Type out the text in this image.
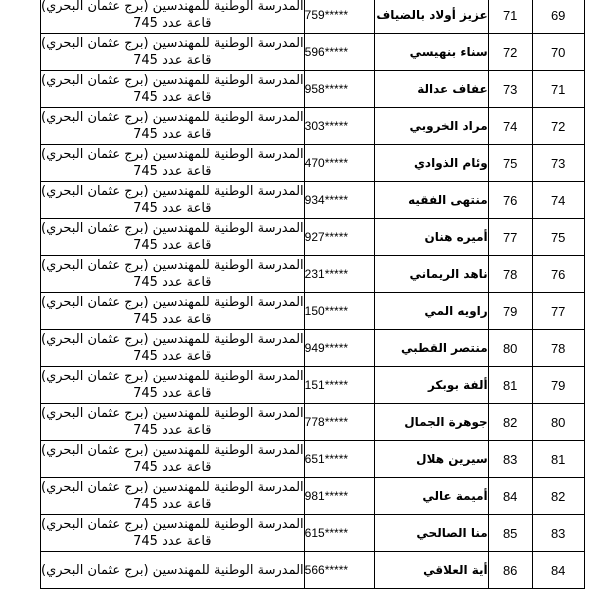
69	71	عزيز أولاد بالضياف	759*****	المدرسة الوطنية للمهندسين (برج عثمان البحري)
قاعة عدد 745

70	72	سناء بنهيسي	596*****	المدرسة الوطنية للمهندسين (برج عثمان البحري)
قاعة عدد 745

71	73	عفاف عدالة	958*****	المدرسة الوطنية للمهندسين (برج عثمان البحري)
قاعة عدد 745

72	74	مراد الخروبي	303*****	المدرسة الوطنية للمهندسين (برج عثمان البحري)
قاعة عدد 745

73	75	وئام الذوادي	470*****	المدرسة الوطنية للمهندسين (برج عثمان البحري)
قاعة عدد 745

74	76	منتهى الفقيه	934*****	المدرسة الوطنية للمهندسين (برج عثمان البحري)
قاعة عدد 745

75	77	أميره هنان	927*****	المدرسة الوطنية للمهندسين (برج عثمان البحري)
قاعة عدد 745

76	78	ناهد الريماني	231*****	المدرسة الوطنية للمهندسين (برج عثمان البحري)
قاعة عدد 745

77	79	راويه المي	150*****	المدرسة الوطنية للمهندسين (برج عثمان البحري)
قاعة عدد 745

78	80	منتصر القطبي	949*****	المدرسة الوطنية للمهندسين (برج عثمان البحري)
قاعة عدد 745

79	81	ألفة بوبكر	151*****	المدرسة الوطنية للمهندسين (برج عثمان البحري)
قاعة عدد 745

80	82	جوهرة الجمال	778*****	المدرسة الوطنية للمهندسين (برج عثمان البحري)
قاعة عدد 745

81	83	سيرين هلال	651*****	المدرسة الوطنية للمهندسين (برج عثمان البحري)
قاعة عدد 745

82	84	أميمة عالي	981*****	المدرسة الوطنية للمهندسين (برج عثمان البحري)
قاعة عدد 745

83	85	منا الصالحي	615*****	المدرسة الوطنية للمهندسين (برج عثمان البحري)
قاعة عدد 745

84	86	أية العلاقي	566*****	المدرسة الوطنية للمهندسين (برج عثمان البحري)
